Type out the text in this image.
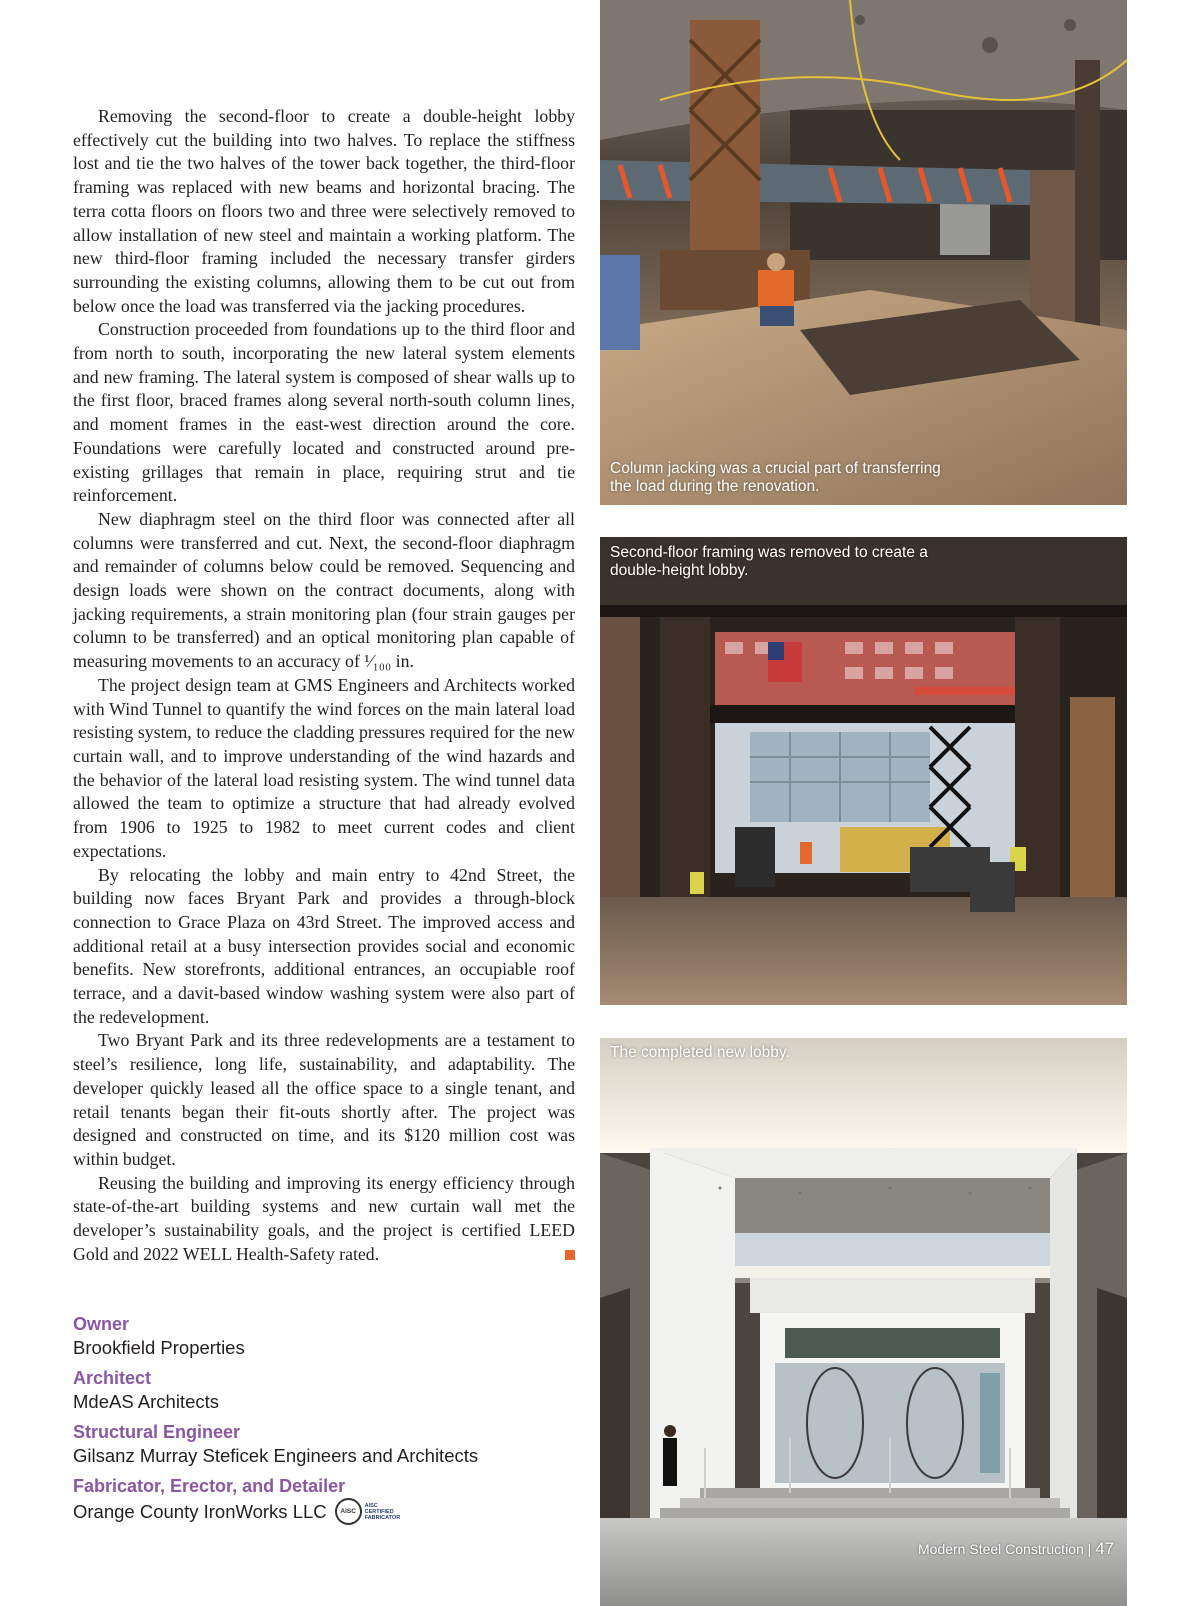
Removing the second-floor to create a double-height lobby effectively cut the building into two halves. To replace the stiffness lost and tie the two halves of the tower back together, the third-floor framing was replaced with new beams and horizontal bracing. The terra cotta floors on floors two and three were selectively removed to allow installation of new steel and maintain a working platform. The new third-floor framing included the necessary transfer girders surrounding the existing columns, allowing them to be cut out from below once the load was transferred via the jacking procedures.

Construction proceeded from foundations up to the third floor and from north to south, incorporating the new lateral system elements and new framing. The lateral system is composed of shear walls up to the first floor, braced frames along several north-south column lines, and moment frames in the east-west direction around the core. Foundations were carefully located and constructed around pre-existing grillages that remain in place, requiring strut and tie reinforcement.

New diaphragm steel on the third floor was connected after all columns were transferred and cut. Next, the second-floor diaphragm and remainder of columns below could be removed. Sequencing and design loads were shown on the contract documents, along with jacking requirements, a strain monitoring plan (four strain gauges per column to be transferred) and an optical monitoring plan capable of measuring movements to an accuracy of ¹⁄₁₀₀ in.

The project design team at GMS Engineers and Architects worked with Wind Tunnel to quantify the wind forces on the main lateral load resisting system, to reduce the cladding pressures required for the new curtain wall, and to improve understanding of the wind hazards and the behavior of the lateral load resisting system. The wind tunnel data allowed the team to optimize a structure that had already evolved from 1906 to 1925 to 1982 to meet current codes and client expectations.

By relocating the lobby and main entry to 42nd Street, the building now faces Bryant Park and provides a through-block connection to Grace Plaza on 43rd Street. The improved access and additional retail at a busy intersection provides social and economic benefits. New storefronts, additional entrances, an occupiable roof terrace, and a davit-based window washing system were also part of the redevelopment.

Two Bryant Park and its three redevelopments are a testament to steel’s resilience, long life, sustainability, and adaptability. The developer quickly leased all the office space to a single tenant, and retail tenants began their fit-outs shortly after. The project was designed and constructed on time, and its $120 million cost was within budget.

Reusing the building and improving its energy efficiency through state-of-the-art building systems and new curtain wall met the developer’s sustainability goals, and the project is certified LEED Gold and 2022 WELL Health-Safety rated.

Owner
Brookfield Properties
Architect
MdeAS Architects
Structural Engineer
Gilsanz Murray Steficek Engineers and Architects
Fabricator, Erector, and Detailer
Orange County IronWorks LLC	AISC
AISC
CERTIFIED
FABRICATOR
Column jacking was a crucial part of transferring the load during the renovation.
Second-floor framing was removed to create a double-height lobby.
The completed new lobby.
Modern Steel Construction | 47
